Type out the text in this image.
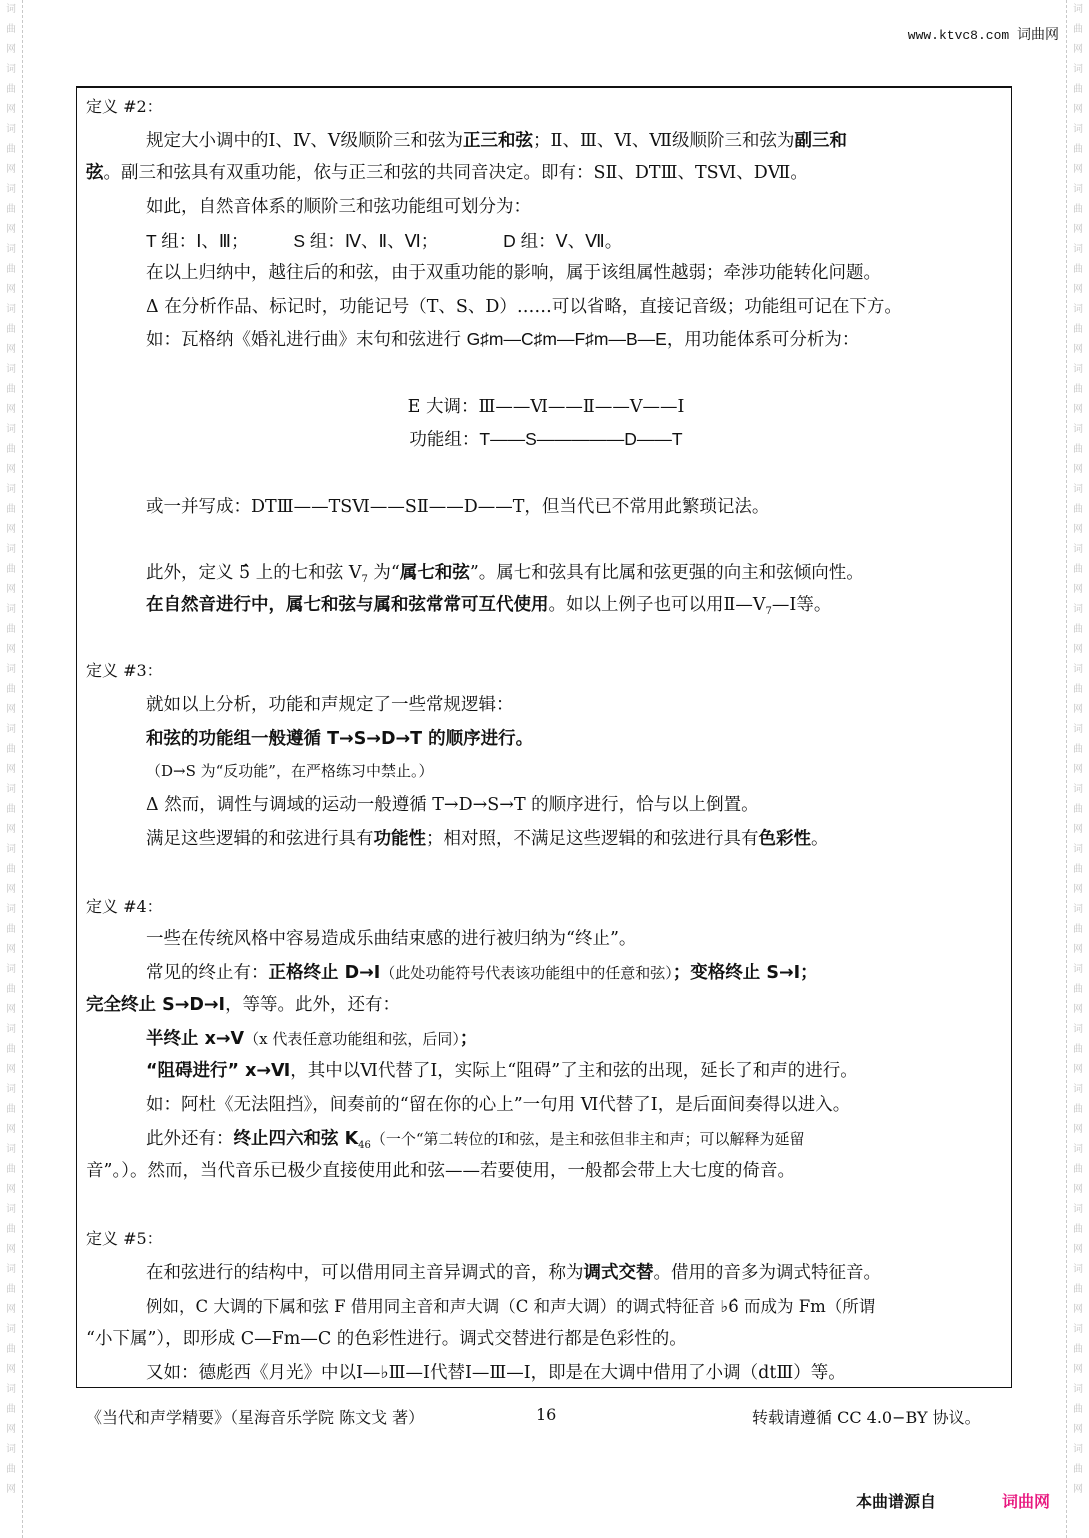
词
曲
网
词
曲
网
词
曲
网
词
曲
网
词
曲
网
词
曲
网
词
曲
网
词
曲
网
词
曲
网
词
曲
网
词
曲
网
词
曲
网
词
曲
网
词
曲
网
词
曲
网
词
曲
网
词
曲
网
词
曲
网
词
曲
网
词
曲
网
词
曲
网
词
曲
网
词
曲
网
词
曲
网
词
曲
网
词
曲
网
词
曲
网
词
曲
网
词
曲
网
词
曲
网
词
曲
网
词
曲
网
词
曲
网
词
曲
网
词
曲
网
词
曲
网
词
曲
网
词
曲
网
词
曲
网
词
曲
网
词
曲
网
词
曲
网
词
曲
网
词
曲
网
词
曲
网
词
曲
网
词
曲
网
词
曲
网
词
曲
网
词
曲
网
www.ktvc8.com 词曲网
定义 #2：
规定大小调中的Ⅰ、Ⅳ、Ⅴ级顺阶三和弦为正三和弦；Ⅱ、Ⅲ、Ⅵ、Ⅶ级顺阶三和弦为副三和
弦。副三和弦具有双重功能，依与正三和弦的共同音决定。即有：SⅡ、DTⅢ、TSⅥ、DⅦ。
如此，自然音体系的顺阶三和弦功能组可划分为：
T 组：Ⅰ、Ⅲ；	S 组：Ⅳ、Ⅱ、Ⅵ；	D 组：Ⅴ、Ⅶ。
在以上归纳中，越往后的和弦，由于双重功能的影响，属于该组属性越弱；牵涉功能转化问题。
Δ 在分析作品、标记时，功能记号（T、S、D）……可以省略，直接记音级；功能组可记在下方。
如：瓦格纳《婚礼进行曲》末句和弦进行 G♯m—C♯m—F♯m—B—E，用功能体系可分析为：
E 大调：Ⅲ——Ⅵ——Ⅱ——Ⅴ——Ⅰ
功能组：T——S—————D——T
或一并写成：DTⅢ——TSⅥ——SⅡ——D——T，但当代已不常用此繁琐记法。
此外，定义 5̂ 上的七和弦 $V_7$ 为“属七和弦”。属七和弦具有比属和弦更强的向主和弦倾向性。
在自然音进行中，属七和弦与属和弦常常可互代使用。如以上例子也可以用$Ⅱ—V_7—Ⅰ$等。
定义 #3：
就如以上分析，功能和声规定了一些常规逻辑：
和弦的功能组一般遵循 T→S→D→T 的顺序进行。
（D→S 为“反功能”，在严格练习中禁止。）
Δ 然而，调性与调域的运动一般遵循 T→D→S→T 的顺序进行，恰与以上倒置。
满足这些逻辑的和弦进行具有功能性；相对照，不满足这些逻辑的和弦进行具有色彩性。
定义 #4：
一些在传统风格中容易造成乐曲结束感的进行被归纳为“终止”。
常见的终止有：正格终止 D→Ⅰ（此处功能符号代表该功能组中的任意和弦）；变格终止 S→Ⅰ；
完全终止 S→D→Ⅰ，等等。此外，还有：
半终止 x→Ⅴ（x 代表任意功能组和弦，后同）；
“阻碍进行” x→Ⅵ，其中以Ⅵ代替了Ⅰ，实际上“阻碍”了主和弦的出现，延长了和声的进行。
如：阿杜《无法阻挡》，间奏前的“留在你的心上”一句用 Ⅵ代替了Ⅰ，是后面间奏得以进入。
此外还有：终止四六和弦 $K_{46}$（一个“第二转位的Ⅰ和弦，是主和弦但非主和声；可以解释为延留
音”。）。然而，当代音乐已极少直接使用此和弦——若要使用，一般都会带上大七度的倚音。
定义 #5：
在和弦进行的结构中，可以借用同主音异调式的音，称为调式交替。借用的音多为调式特征音。
例如，C 大调的下属和弦 F 借用同主音和声大调（C 和声大调）的调式特征音 ♭6̂ 而成为 Fm（所谓
“小下属”），即形成 C—Fm—C 的色彩性进行。调式交替进行都是色彩性的。
又如：德彪西《月光》中以Ⅰ—♭Ⅲ—Ⅰ代替Ⅰ—Ⅲ—Ⅰ，即是在大调中借用了小调（dtⅢ）等。
《当代和声学精要》（星海音乐学院 陈文戈 著）	16	转载请遵循 CC 4.0−BY 协议。
本曲谱源自	词曲网
